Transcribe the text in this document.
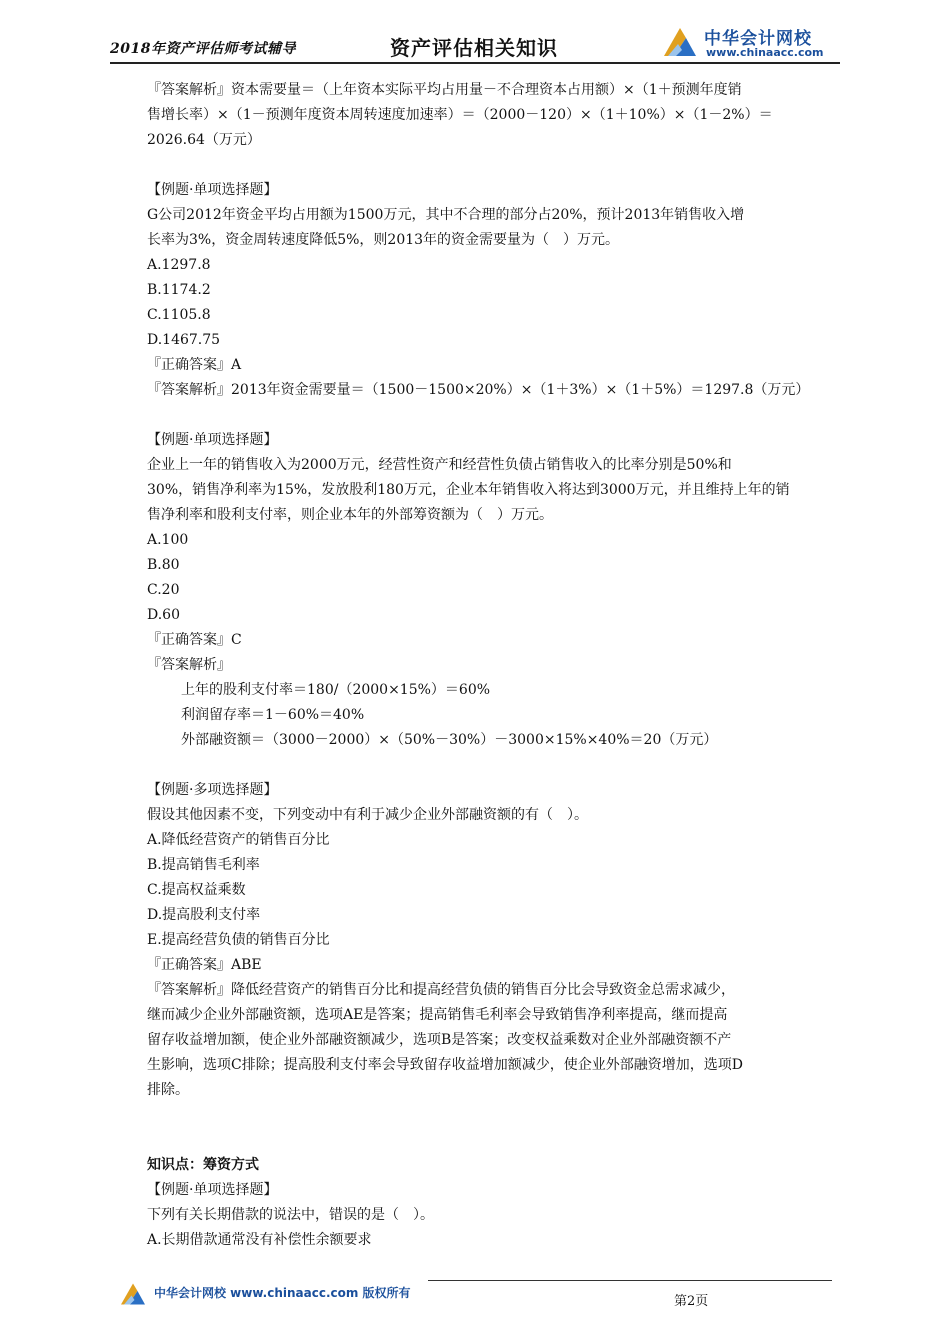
2018年资产评估师考试辅导	资产评估相关知识	中华会计网校
www.chinaacc.com

『答案解析』资本需要量＝（上年资本实际平均占用量－不合理资本占用额）×（1＋预测年度销

售增长率）×（1－预测年度资本周转速度加速率）＝（2000－120）×（1＋10%）×（1－2%）＝

2026.64（万元）

【例题·单项选择题】

G公司2012年资金平均占用额为1500万元，其中不合理的部分占20%，预计2013年销售收入增

长率为3%，资金周转速度降低5%，则2013年的资金需要量为（　）万元。

A.1297.8

B.1174.2

C.1105.8

D.1467.75

『正确答案』A

『答案解析』2013年资金需要量＝（1500－1500×20%）×（1＋3%）×（1＋5%）＝1297.8（万元）

【例题·单项选择题】

企业上一年的销售收入为2000万元，经营性资产和经营性负债占销售收入的比率分别是50%和

30%，销售净利率为15%，发放股利180万元，企业本年销售收入将达到3000万元，并且维持上年的销

售净利率和股利支付率，则企业本年的外部筹资额为（　）万元。

A.100

B.80

C.20

D.60

『正确答案』C

『答案解析』

上年的股利支付率＝180/（2000×15%）＝60%

利润留存率＝1－60%＝40%

外部融资额＝（3000－2000）×（50%－30%）－3000×15%×40%＝20（万元）

【例题·多项选择题】

假设其他因素不变，下列变动中有利于减少企业外部融资额的有（　）。

A.降低经营资产的销售百分比

B.提高销售毛利率

C.提高权益乘数

D.提高股利支付率

E.提高经营负债的销售百分比

『正确答案』ABE

『答案解析』降低经营资产的销售百分比和提高经营负债的销售百分比会导致资金总需求减少，

继而减少企业外部融资额，选项AE是答案；提高销售毛利率会导致销售净利率提高，继而提高

留存收益增加额，使企业外部融资额减少，选项B是答案；改变权益乘数对企业外部融资额不产

生影响，选项C排除；提高股利支付率会导致留存收益增加额减少，使企业外部融资增加，选项D

排除。

知识点：筹资方式

【例题·单项选择题】

下列有关长期借款的说法中，错误的是（　）。

A.长期借款通常没有补偿性余额要求

中华会计网校 www.chinaacc.com 版权所有
第2页
